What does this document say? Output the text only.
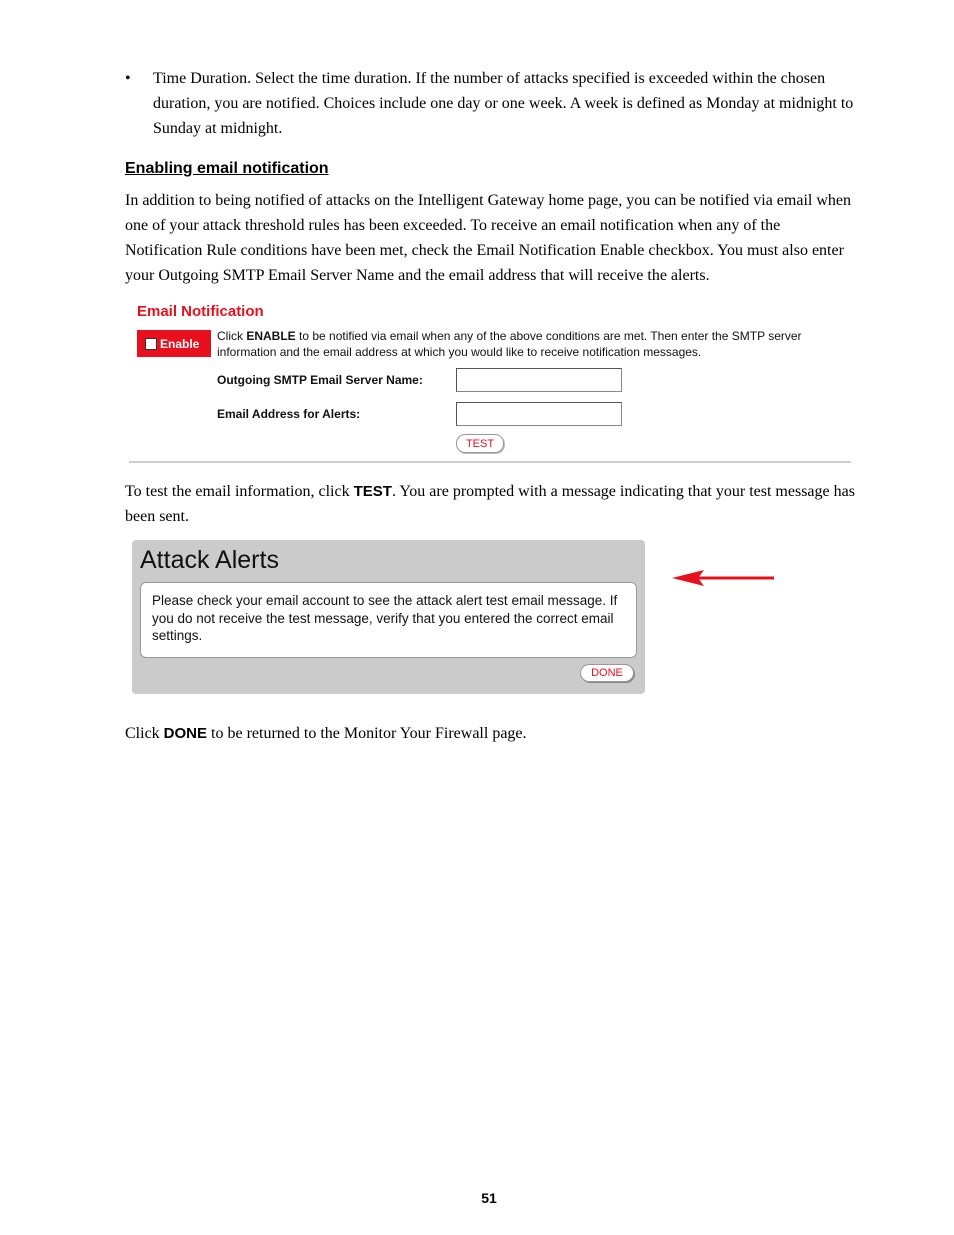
•	Time Duration. Select the time duration. If the number of attacks specified is exceeded within the chosen duration, you are notified. Choices include one day or one week. A week is defined as Monday at midnight to Sunday at midnight.
Enabling email notification
In addition to being notified of attacks on the Intelligent Gateway home page, you can be notified via email when one of your attack threshold rules has been exceeded. To receive an email notification when any of the Notification Rule conditions have been met, check the Email Notification Enable checkbox. You must also enter your Outgoing SMTP Email Server Name and the email address that will receive the alerts.
Email Notification
Enable
Click ENABLE to be notified via email when any of the above conditions are met. Then enter the SMTP server information and the email address at which you would like to receive notification messages.
Outgoing SMTP Email Server Name:
Email Address for Alerts:
TEST
To test the email information, click TEST. You are prompted with a message indicating that your test message has been sent.
Attack Alerts
Please check your email account to see the attack alert test email message. If you do not receive the test message, verify that you entered the correct email settings.
DONE
Click DONE to be returned to the Monitor Your Firewall page.
51
